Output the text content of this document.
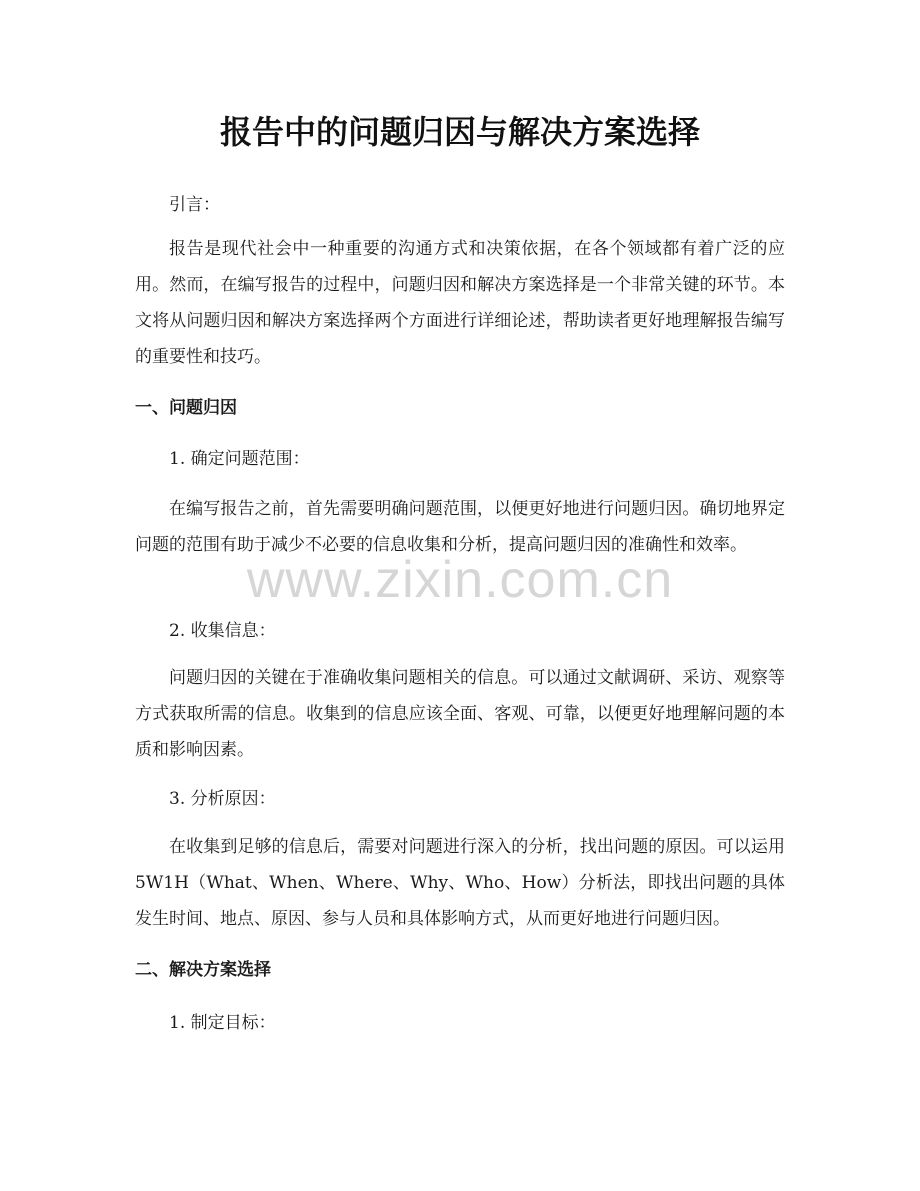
报告中的问题归因与解决方案选择

引言：

报告是现代社会中一种重要的沟通方式和决策依据，在各个领域都有着广泛的应用。然而，在编写报告的过程中，问题归因和解决方案选择是一个非常关键的环节。本文将从问题归因和解决方案选择两个方面进行详细论述，帮助读者更好地理解报告编写的重要性和技巧。

一、问题归因

1. 确定问题范围：

在编写报告之前，首先需要明确问题范围，以便更好地进行问题归因。确切地界定问题的范围有助于减少不必要的信息收集和分析，提高问题归因的准确性和效率。

2. 收集信息：

问题归因的关键在于准确收集问题相关的信息。可以通过文献调研、采访、观察等方式获取所需的信息。收集到的信息应该全面、客观、可靠，以便更好地理解问题的本质和影响因素。

3. 分析原因：

在收集到足够的信息后，需要对问题进行深入的分析，找出问题的原因。可以运用 5W1H（What、When、Where、Why、Who、How）分析法，即找出问题的具体发生时间、地点、原因、参与人员和具体影响方式，从而更好地进行问题归因。

二、解决方案选择

1. 制定目标：

www.zixin.com.cn
